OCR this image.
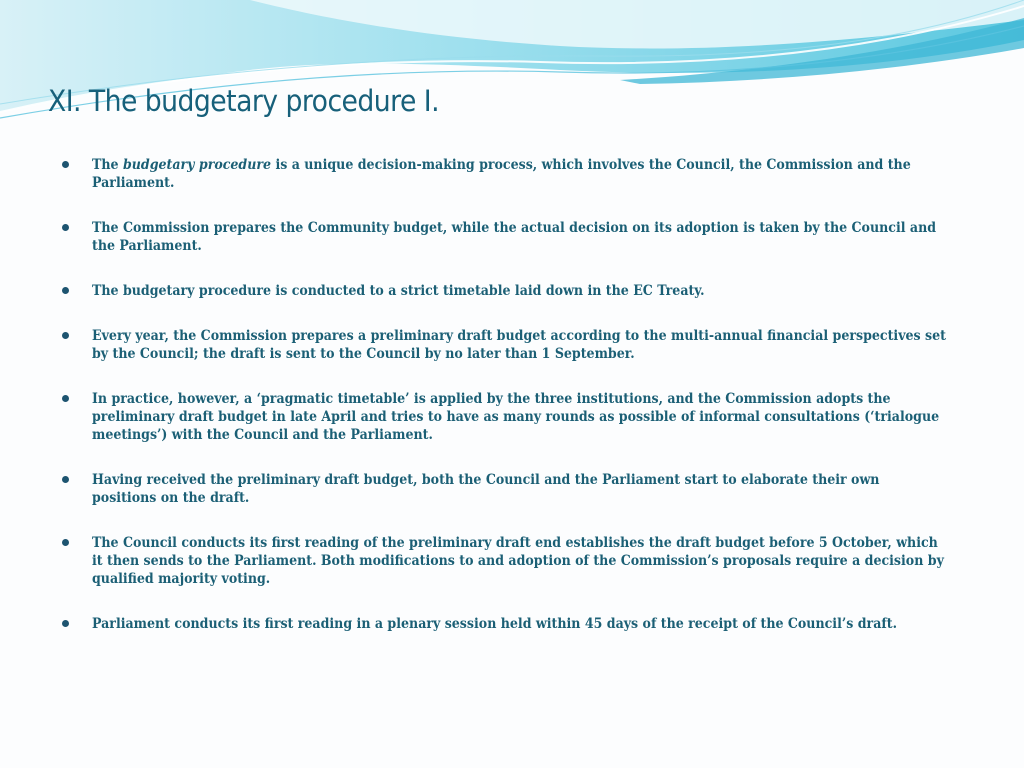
XI. The budgetary procedure I.
The budgetary procedure is a unique decision-making process, which involves the Council, the Commission and the Parliament.
The Commission prepares the Community budget, while the actual decision on its adoption is taken by the Council and the Parliament.
The budgetary procedure is conducted to a strict timetable laid down in the EC Treaty.
Every year, the Commission prepares a preliminary draft budget according to the multi-annual financial perspectives set by the Council; the draft is sent to the Council by no later than 1 September.
In practice, however, a ‘pragmatic timetable’ is applied by the three institutions, and the Commission adopts the preliminary draft budget in late April and tries to have as many rounds as possible of informal consultations (‘trialogue meetings’) with the Council and the Parliament.
Having received the preliminary draft budget, both the Council and the Parliament start to elaborate their own positions on the draft.
The Council conducts its first reading of the preliminary draft end establishes the draft budget before 5 October, which it then sends to the Parliament. Both modifications to and adoption of the Commission’s proposals require a decision by qualified majority voting.
Parliament conducts its first reading in a plenary session held within 45 days of the receipt of the Council’s draft.
